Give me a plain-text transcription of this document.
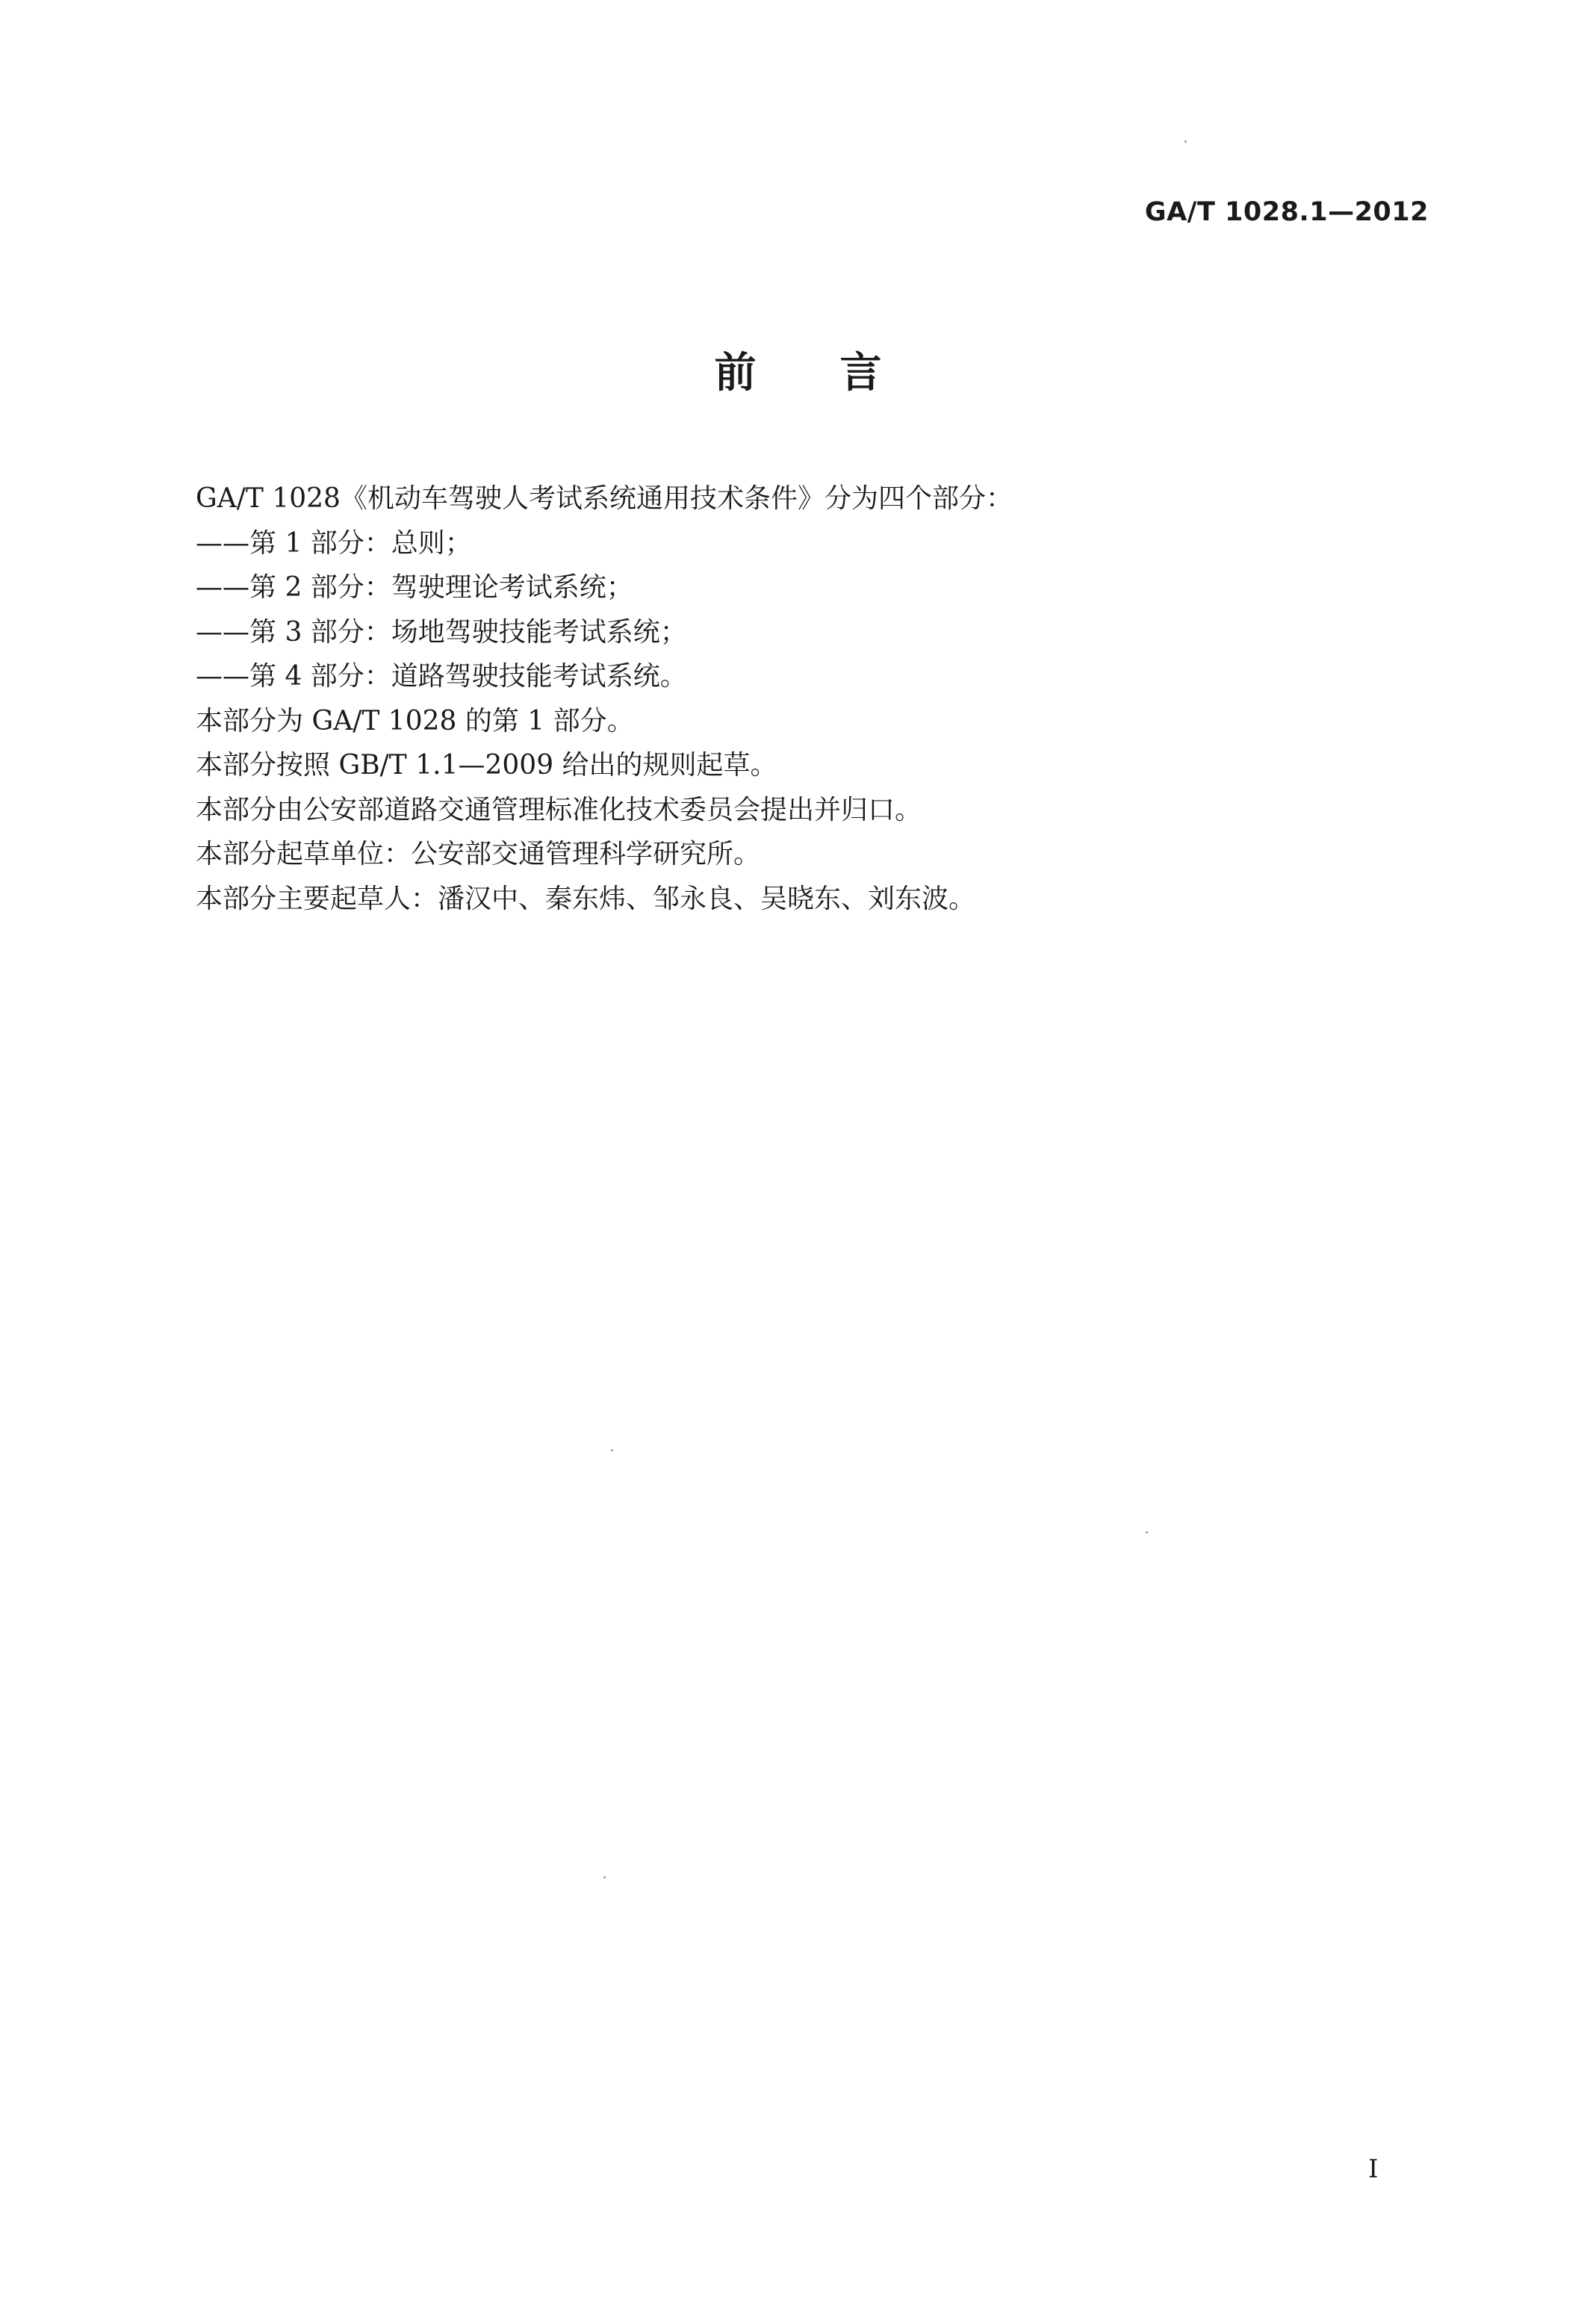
GA/T 1028.1—2012
前言
GA/T 1028《机动车驾驶人考试系统通用技术条件》分为四个部分：
——第 1 部分：总则；
——第 2 部分：驾驶理论考试系统；
——第 3 部分：场地驾驶技能考试系统；
——第 4 部分：道路驾驶技能考试系统。
本部分为 GA/T 1028 的第 1 部分。
本部分按照 GB/T 1.1—2009 给出的规则起草。
本部分由公安部道路交通管理标准化技术委员会提出并归口。
本部分起草单位：公安部交通管理科学研究所。
本部分主要起草人：潘汉中、秦东炜、邹永良、吴晓东、刘东波。
I
